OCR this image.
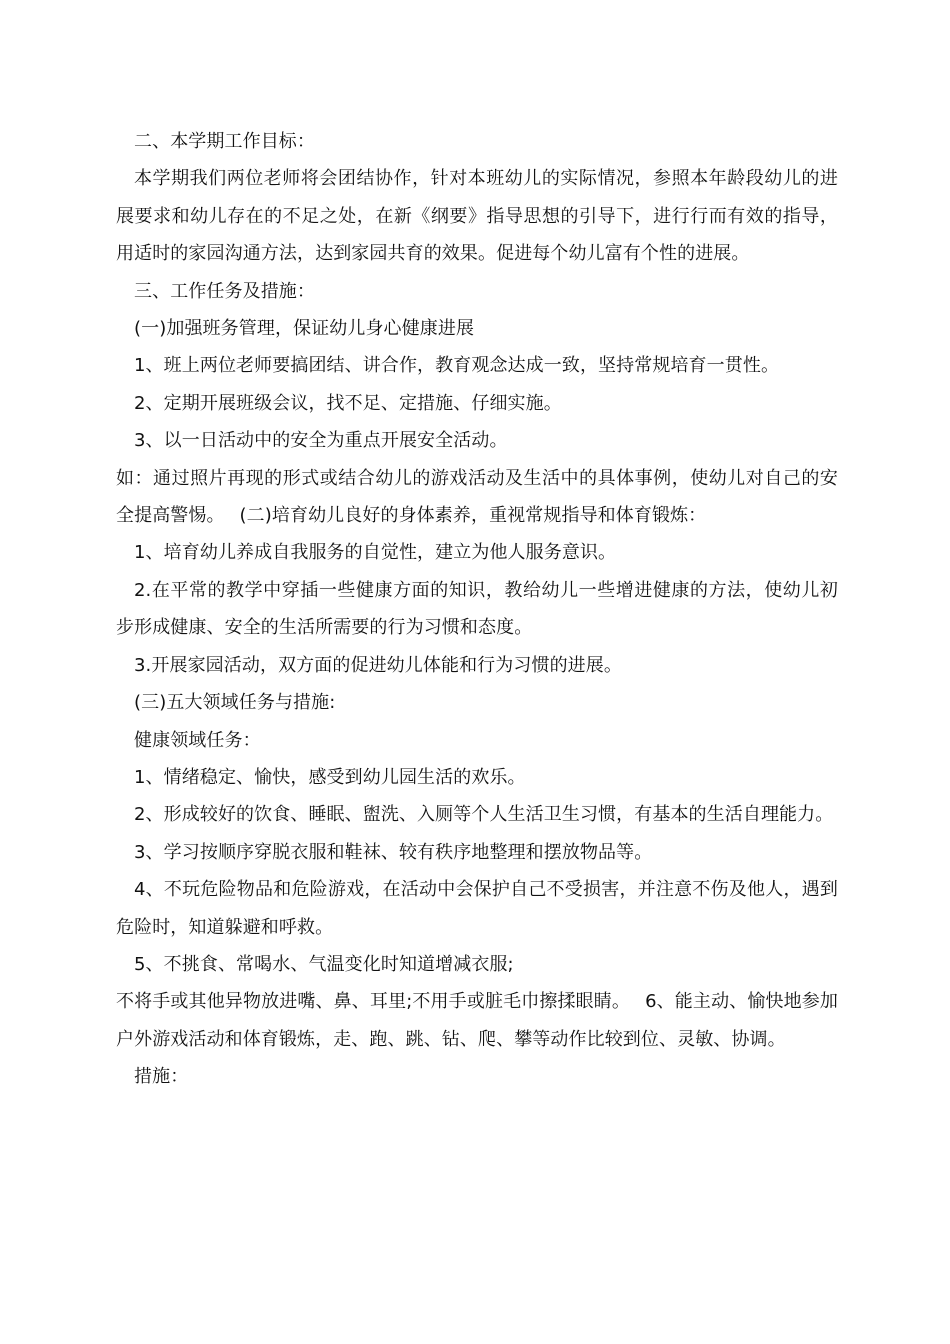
二、本学期工作目标：

本学期我们两位老师将会团结协作，针对本班幼儿的实际情况，参照本年龄段幼儿的进展要求和幼儿存在的不足之处，在新《纲要》指导思想的引导下，进行行而有效的指导，用适时的家园沟通方法，达到家园共育的效果。促进每个幼儿富有个性的进展。

三、工作任务及措施：

(一)加强班务管理，保证幼儿身心健康进展

1、班上两位老师要搞团结、讲合作，教育观念达成一致，坚持常规培育一贯性。

2、定期开展班级会议，找不足、定措施、仔细实施。

3、以一日活动中的安全为重点开展安全活动。

如：通过照片再现的形式或结合幼儿的游戏活动及生活中的具体事例，使幼儿对自己的安全提高警惕。　 (二)培育幼儿良好的身体素养，重视常规指导和体育锻炼：

1、培育幼儿养成自我服务的自觉性，建立为他人服务意识。

2.在平常的教学中穿插一些健康方面的知识，教给幼儿一些增进健康的方法，使幼儿初步形成健康、安全的生活所需要的行为习惯和态度。

3.开展家园活动，双方面的促进幼儿体能和行为习惯的进展。

(三)五大领域任务与措施:

健康领域任务：

1、情绪稳定、愉快，感受到幼儿园生活的欢乐。

2、形成较好的饮食、睡眠、盥洗、入厕等个人生活卫生习惯，有基本的生活自理能力。

3、学习按顺序穿脱衣服和鞋袜、较有秩序地整理和摆放物品等。

4、不玩危险物品和危险游戏，在活动中会保护自己不受损害，并注意不伤及他人，遇到危险时，知道躲避和呼救。

5、不挑食、常喝水、气温变化时知道增减衣服;

不将手或其他异物放进嘴、鼻、耳里;不用手或脏毛巾擦揉眼睛。　 6、能主动、愉快地参加户外游戏活动和体育锻炼，走、跑、跳、钻、爬、攀等动作比较到位、灵敏、协调。

措施：
